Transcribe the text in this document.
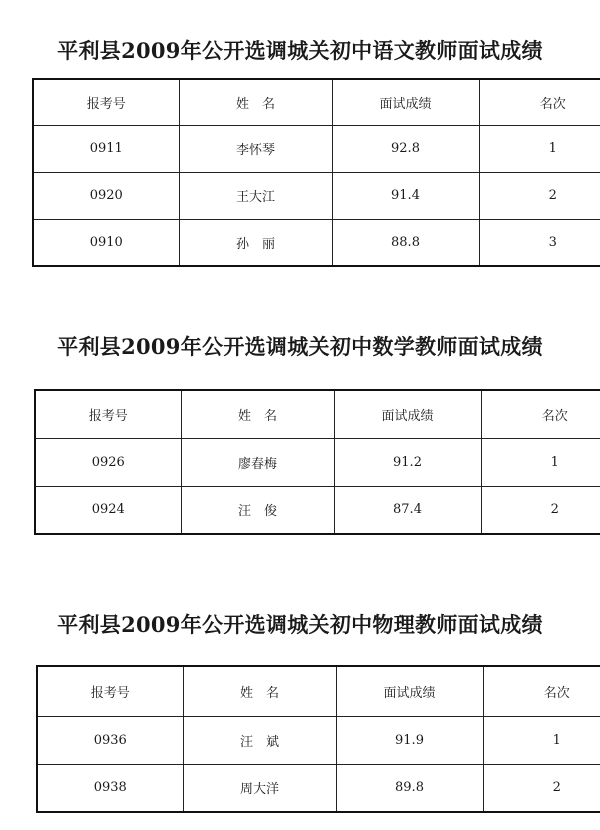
平利县2009年公开选调城关初中语文教师面试成绩
报考号	姓　名	面试成绩	名次
0911	李怀琴	92.8	1
0920	王大江	91.4	2
0910	孙　丽	88.8	3
平利县2009年公开选调城关初中数学教师面试成绩
报考号	姓　名	面试成绩	名次
0926	廖春梅	91.2	1
0924	汪　俊	87.4	2
平利县2009年公开选调城关初中物理教师面试成绩
报考号	姓　名	面试成绩	名次
0936	汪　斌	91.9	1
0938	周大洋	89.8	2
